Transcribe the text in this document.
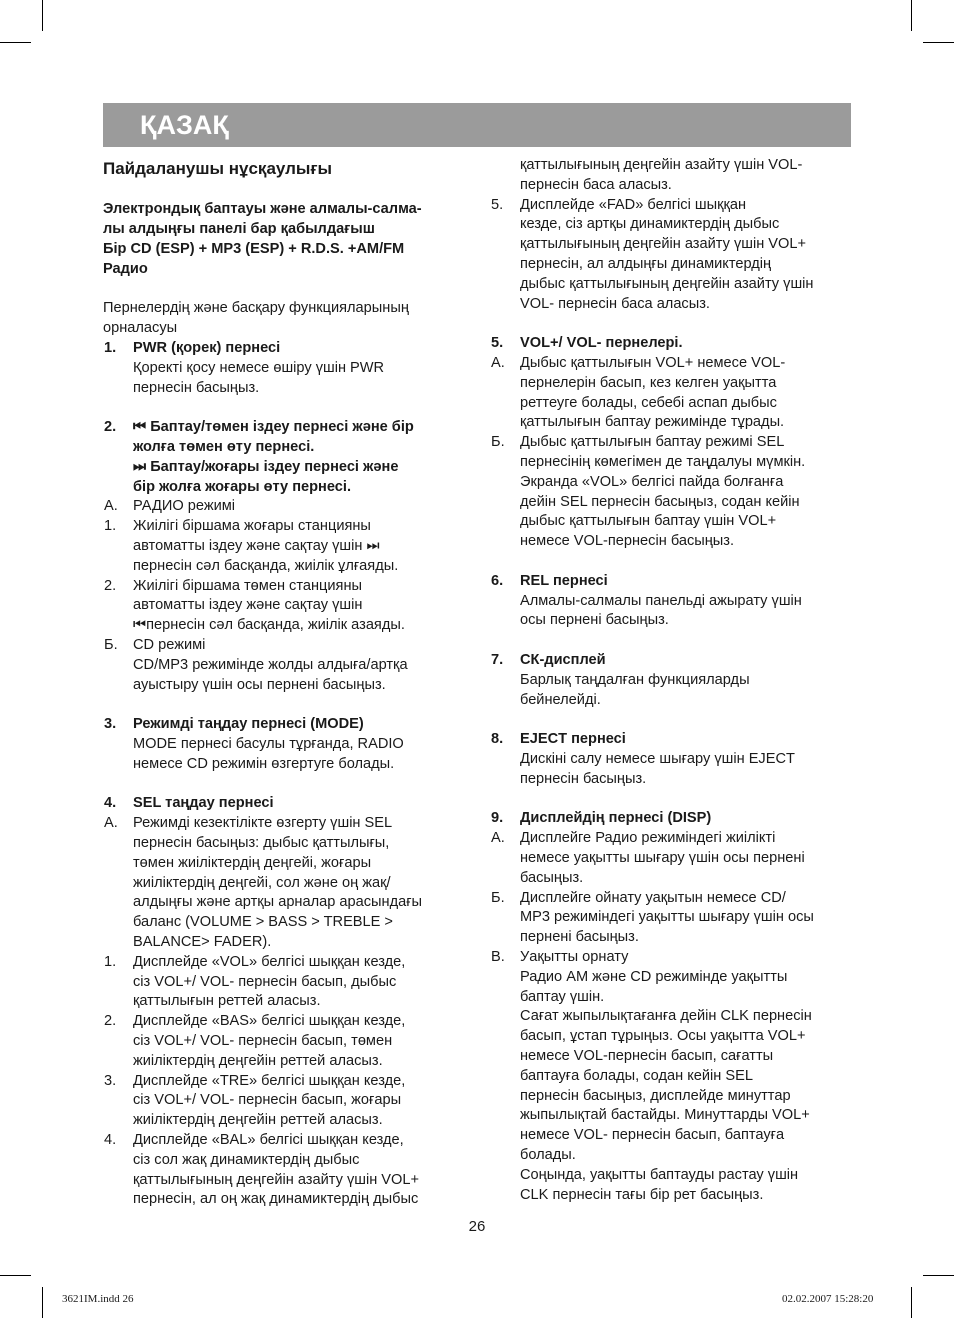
ҚАЗАҚ
Пайдаланушы нұсқаулығы
Электрондық баптауы және алмалы-салма-
лы алдыңғы панелі бар қабылдағыш
Бір CD (ESP) + MP3 (ESP) + R.D.S. +AM/FM
Радио
Пернелердің және басқару функцияларының
орналасуы
1. PWR (қорек) пернесі
Қоректі қосу немесе өшіру үшін PWR
пернесін басыңыз.
2. ⏮ Баптау/төмен іздеу пернесі және бір
жолға төмен өту пернесі.
⏭ Баптау/жоғары іздеу пернесі және
бір жолға жоғары өту пернесі.
А. РАДИО режимі
1. Жиілігі біршама жоғары станцияны
автоматты іздеу және сақтау үшін ⏭
пернесін сәл басқанда, жиілік ұлғаяды.
2. Жиілігі біршама төмен станцияны
автоматты іздеу және сақтау үшін
⏮пернесін сәл басқанда, жиілік азаяды.
Б. CD режимі
CD/MP3 режимінде жолды алдыға/артқа
ауыстыру үшін осы пернені басыңыз.
3. Режимді таңдау пернесі (MODE)
MODE пернесі басулы тұрғанда, RADIO
немесе CD режимін өзгертуге болады.
4. SEL таңдау пернесі
А. Режимді кезектілікте өзгерту үшін SEL
пернесін басыңыз: дыбыс қаттылығы,
төмен жиіліктердің деңгейі, жоғары
жиіліктердің деңгейі, сол және оң жақ/
алдыңғы және артқы арналар арасындағы
баланс (VOLUME > BASS > TREBLE >
BALANCE> FADER).
1. Дисплейде «VOL» белгісі шыққан кезде,
сіз VOL+/ VOL- пернесін басып, дыбыс
қаттылығын реттей аласыз.
2. Дисплейде «BAS» белгісі шыққан кезде,
сіз VOL+/ VOL- пернесін басып, төмен
жиіліктердің деңгейін реттей аласыз.
3. Дисплейде «TRE» белгісі шыққан кезде,
сіз VOL+/ VOL- пернесін басып, жоғары
жиіліктердің деңгейін реттей аласыз.
4. Дисплейде «BAL» белгісі шыққан кезде,
сіз сол жақ динамиктердің дыбыс
қаттылығының деңгейін азайту үшін VOL+
пернесін, ал оң жақ динамиктердің дыбыс
қаттылығының деңгейін азайту үшін VOL-
пернесін баса аласыз.
5. Дисплейде «FAD» белгісі шыққан
кезде, сіз артқы динамиктердің дыбыс
қаттылығының деңгейін азайту үшін VOL+
пернесін, ал алдыңғы динамиктердің
дыбыс қаттылығының деңгейін азайту үшін
VOL- пернесін баса аласыз.
5. VOL+/ VOL- пернелері.
А. Дыбыс қаттылығын VOL+ немесе VOL-
пернелерін басып, кез келген уақытта
реттеуге болады, себебі аспап дыбыс
қаттылығын баптау режимінде тұрады.
Б. Дыбыс қаттылығын баптау режимі SEL
пернесінің көмегімен де таңдалуы мүмкін.
Экранда «VOL» белгісі пайда болғанға
дейін SEL пернесін басыңыз, содан кейін
дыбыс қаттылығын баптау үшін VOL+
немесе VOL-пернесін басыңыз.
6. REL пернесі
Алмалы-салмалы панельді ажырату үшін
осы пернені басыңыз.
7. СК-дисплей
Барлық таңдалған функцияларды
бейнелейді.
8. EJECT пернесі
Дискіні салу немесе шығару үшін EJECT
пернесін басыңыз.
9. Дисплейдің пернесі (DISP)
А. Дисплейге Радио режиміндегі жиілікті
немесе уақытты шығару үшін осы пернені
басыңыз.
Б. Дисплейге ойнату уақытын немесе CD/
MP3 режиміндегі уақытты шығару үшін осы
пернені басыңыз.
В. Уақытты орнату
Радио АМ және CD режимінде уақытты
баптау үшін.
Сағат жыпылықтағанға дейін CLK пернесін
басып, ұстап тұрыңыз. Осы уақытта VOL+
немесе VOL-пернесін басып, сағатты
баптауға болады, содан кейін SEL
пернесін басыңыз, дисплейде минуттар
жыпылықтай бастайды. Минуттарды VOL+
немесе VOL- пернесін басып, баптауға
болады.
Соңында, уақытты баптауды растау үшін
CLK пернесін тағы бір рет басыңыз.
26
3621IM.indd 26	02.02.2007 15:28:20
